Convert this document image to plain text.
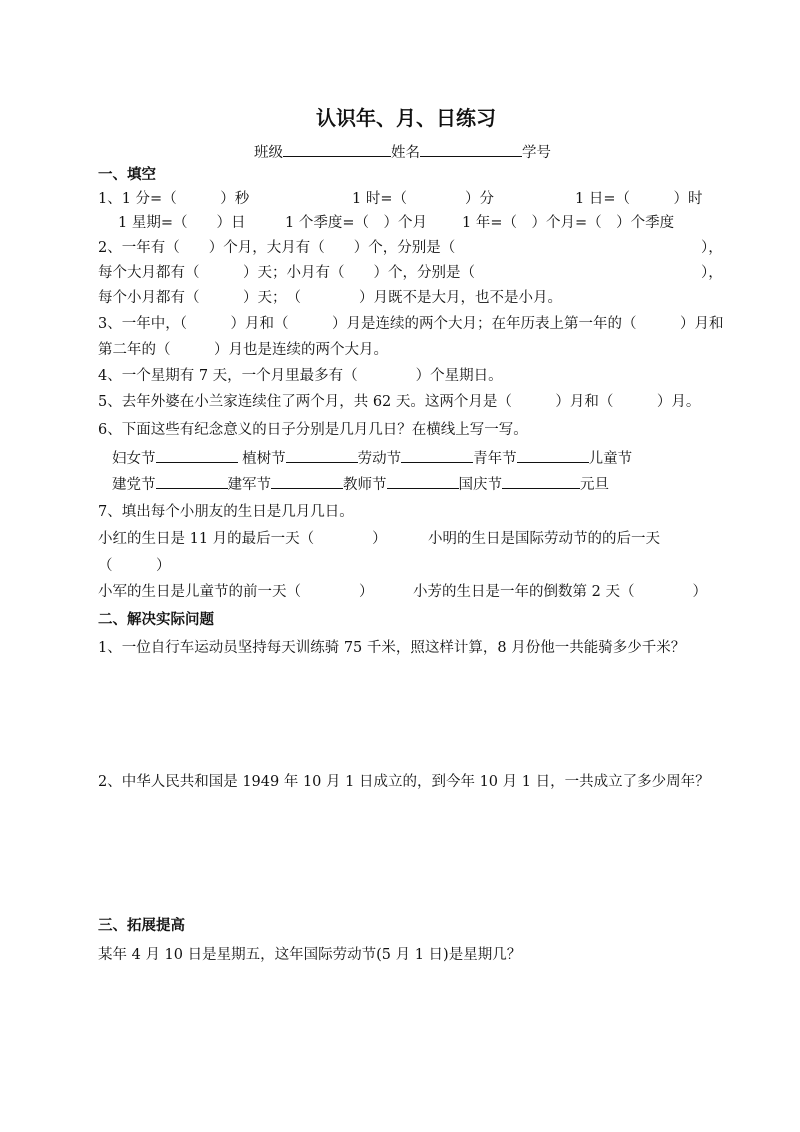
认识年、月、日练习
班级	姓名	学号
一、填空
1、1 分=（　　　）秒	1 时=（　　　　）分	1 日=（　　　）时
1 星期=（　　）日	1 个季度=（　）个月 1 年=（　）个月=（　）个季度
2、一年有（　　）个月，大月有（　　）个，分别是（	），
每个大月都有（　　　）天；小月有（　　）个，分别是（	），
每个小月都有（　　　）天；　（　　　　）月既不是大月，也不是小月。
3、一年中，（　　　）月和（　　　）月是连续的两个大月；在年历表上第一年的（　　　）月和
第二年的（　　　）月也是连续的两个大月。
4、一个星期有 7 天，一个月里最多有（　　　　）个星期日。
5、去年外婆在小兰家连续住了两个月，共 62 天。这两个月是（　　　）月和（　　　）月。
6、下面这些有纪念意义的日子分别是几月几日？在横线上写一写。
妇女节	植树节	劳动节	青年节	儿童节
建党节	建军节	教师节	国庆节	元旦
7、填出每个小朋友的生日是几月几日。
小红的生日是 11 月的最后一天（　　　　）	小明的生日是国际劳动节的的后一天
（　　　）
小军的生日是儿童节的前一天（　　　　）	小芳的生日是一年的倒数第 2 天（　　　　）
二、解决实际问题
1、一位自行车运动员坚持每天训练骑 75 千米，照这样计算，8 月份他一共能骑多少千米？
2、中华人民共和国是 1949 年 10 月 1 日成立的，到今年 10 月 1 日，一共成立了多少周年？
三、拓展提高
某年 4 月 10 日是星期五，这年国际劳动节(5 月 1 日)是星期几？
